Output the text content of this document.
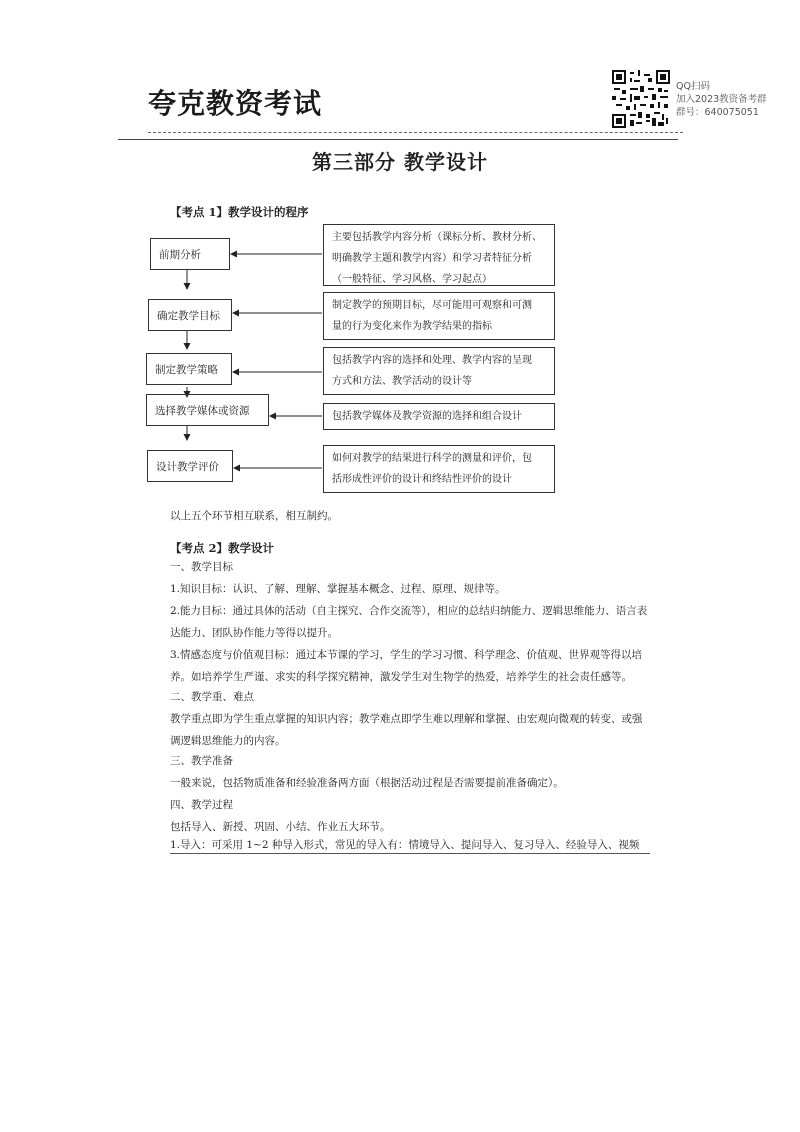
夸克教资考试
QQ扫码
加入2023教资备考群
群号：640075051
第三部分 教学设计
【考点 1】教学设计的程序
前期分析
确定教学目标
制定教学策略
选择教学媒体或资源
设计教学评价
主要包括教学内容分析（课标分析、教材分析、
明确教学主题和教学内容）和学习者特征分析
（一般特征、学习风格、学习起点）
制定教学的预期目标，尽可能用可观察和可测
量的行为变化来作为教学结果的指标
包括教学内容的选择和处理、教学内容的呈现
方式和方法、教学活动的设计等
包括教学媒体及教学资源的选择和组合设计
如何对教学的结果进行科学的测量和评价，包
括形成性评价的设计和终结性评价的设计
以上五个环节相互联系，相互制约。
【考点 2】教学设计
一、教学目标
1.知识目标：认识、了解、理解、掌握基本概念、过程、原理、规律等。
2.能力目标：通过具体的活动（自主探究、合作交流等），相应的总结归纳能力、逻辑思维能力、语言表达能力、团队协作能力等得以提升。
3.情感态度与价值观目标：通过本节课的学习，学生的学习习惯、科学理念、价值观、世界观等得以培养。如培养学生严谨、求实的科学探究精神，激发学生对生物学的热爱，培养学生的社会责任感等。
二、教学重、难点
教学重点即为学生重点掌握的知识内容；教学难点即学生难以理解和掌握、由宏观向微观的转变、或强调逻辑思维能力的内容。
三、教学准备
一般来说，包括物质准备和经验准备两方面（根据活动过程是否需要提前准备确定）。
四、教学过程
包括导入、新授、巩固、小结、作业五大环节。
1.导入：可采用 1~2 种导入形式，常见的导入有：情境导入、提问导入、复习导入、经验导入、视频
